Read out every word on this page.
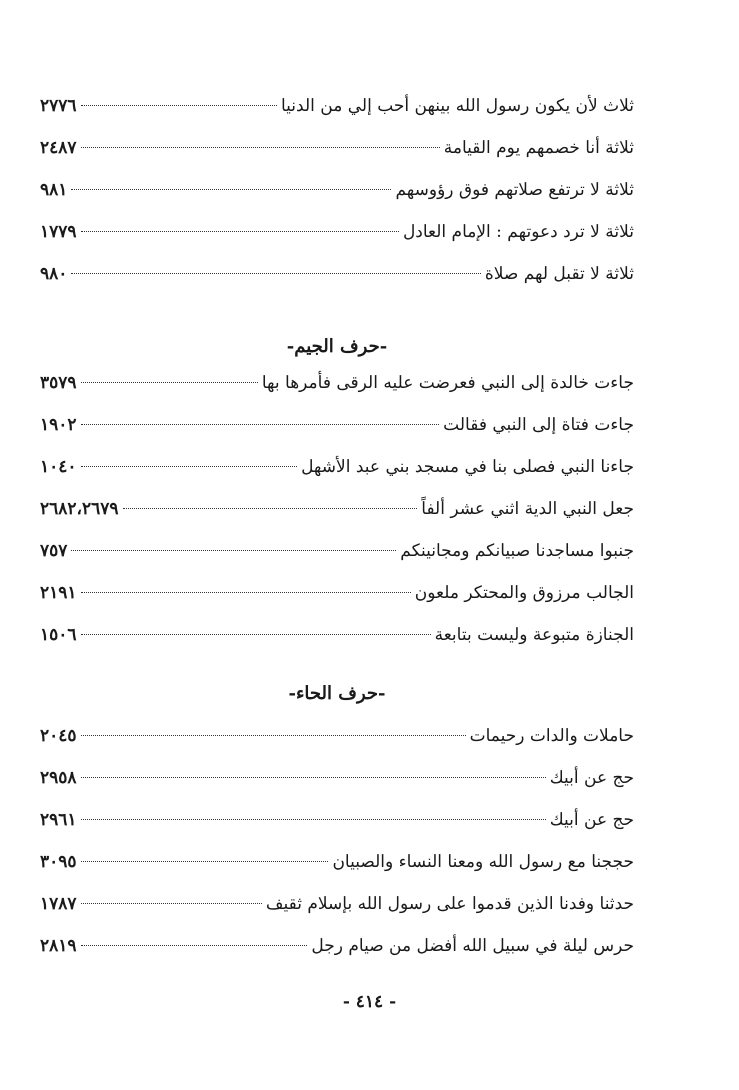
ثلاث لأن يكون رسول الله بينهن أحب إلي من الدنيا
٢٧٧٦
ثلاثة أنا خصمهم يوم القيامة
٢٤٨٧
ثلاثة لا ترتفع صلاتهم فوق رؤوسهم
٩٨١
ثلاثة لا ترد دعوتهم : الإمام العادل
١٧٧٩
ثلاثة لا تقبل لهم صلاة
٩٨٠
-حرف الجيم-
جاءت خالدة إلى النبي فعرضت عليه الرقى فأمرها بها
٣٥٧٩
جاءت فتاة إلى النبي فقالت
١٩٠٢
جاءنا النبي فصلى بنا في مسجد بني عبد الأشهل
١٠٤٠
جعل النبي الدية اثني عشر ألفاً
٢٦٨٢،٢٦٧٩
جنبوا مساجدنا صبيانكم ومجانينكم
٧٥٧
الجالب مرزوق والمحتكر ملعون
٢١٩١
الجنازة متبوعة وليست بتابعة
١٥٠٦
-حرف الحاء-
حاملات والدات رحيمات
٢٠٤٥
حج عن أبيك
٢٩٥٨
حج عن أبيك
٢٩٦١
حججنا مع رسول الله ومعنا النساء والصبيان
٣٠٩٥
حدثنا وفدنا الذين قدموا على رسول الله بإسلام ثقيف
١٧٨٧
حرس ليلة في سبيل الله أفضل من صيام رجل
٢٨١٩
- ٤١٤ -
